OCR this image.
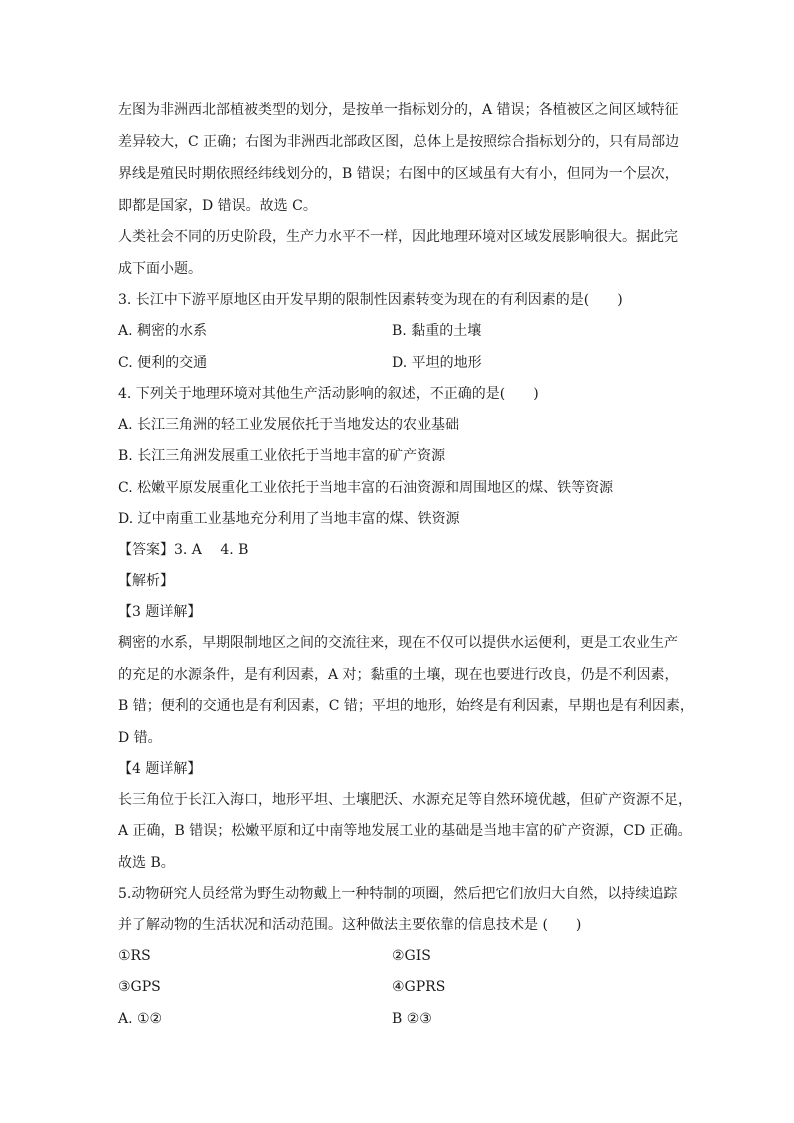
左图为非洲西北部植被类型的划分，是按单一指标划分的，A 错误；各植被区之间区域特征
差异较大，C 正确；右图为非洲西北部政区图，总体上是按照综合指标划分的，只有局部边
界线是殖民时期依照经纬线划分的，B 错误；右图中的区域虽有大有小，但同为一个层次，
即都是国家，D 错误。故选 C。
人类社会不同的历史阶段，生产力水平不一样，因此地理环境对区域发展影响很大。据此完
成下面小题。
3. 长江中下游平原地区由开发早期的限制性因素转变为现在的有利因素的是(　　)
A. 稠密的水系	B. 黏重的土壤
C. 便利的交通	D. 平坦的地形
4. 下列关于地理环境对其他生产活动影响的叙述，不正确的是(　　)
A. 长江三角洲的轻工业发展依托于当地发达的农业基础
B. 长江三角洲发展重工业依托于当地丰富的矿产资源
C. 松嫩平原发展重化工业依托于当地丰富的石油资源和周围地区的煤、铁等资源
D. 辽中南重工业基地充分利用了当地丰富的煤、铁资源
【答案】3. A　 4. B
【解析】
【3 题详解】
稠密的水系，早期限制地区之间的交流往来，现在不仅可以提供水运便利，更是工农业生产
的充足的水源条件，是有利因素，A 对；黏重的土壤，现在也要进行改良，仍是不利因素，
B 错；便利的交通也是有利因素，C 错；平坦的地形，始终是有利因素，早期也是有利因素，
D 错。
【4 题详解】
长三角位于长江入海口，地形平坦、土壤肥沃、水源充足等自然环境优越，但矿产资源不足，
A 正确，B 错误；松嫩平原和辽中南等地发展工业的基础是当地丰富的矿产资源，CD 正确。
故选 B。
5.动物研究人员经常为野生动物戴上一种特制的项圈，然后把它们放归大自然，以持续追踪
并了解动物的生活状况和活动范围。这种做法主要依靠的信息技术是 (　　)
①RS	②GIS
③GPS	④GPRS
A. ①②	B ②③
